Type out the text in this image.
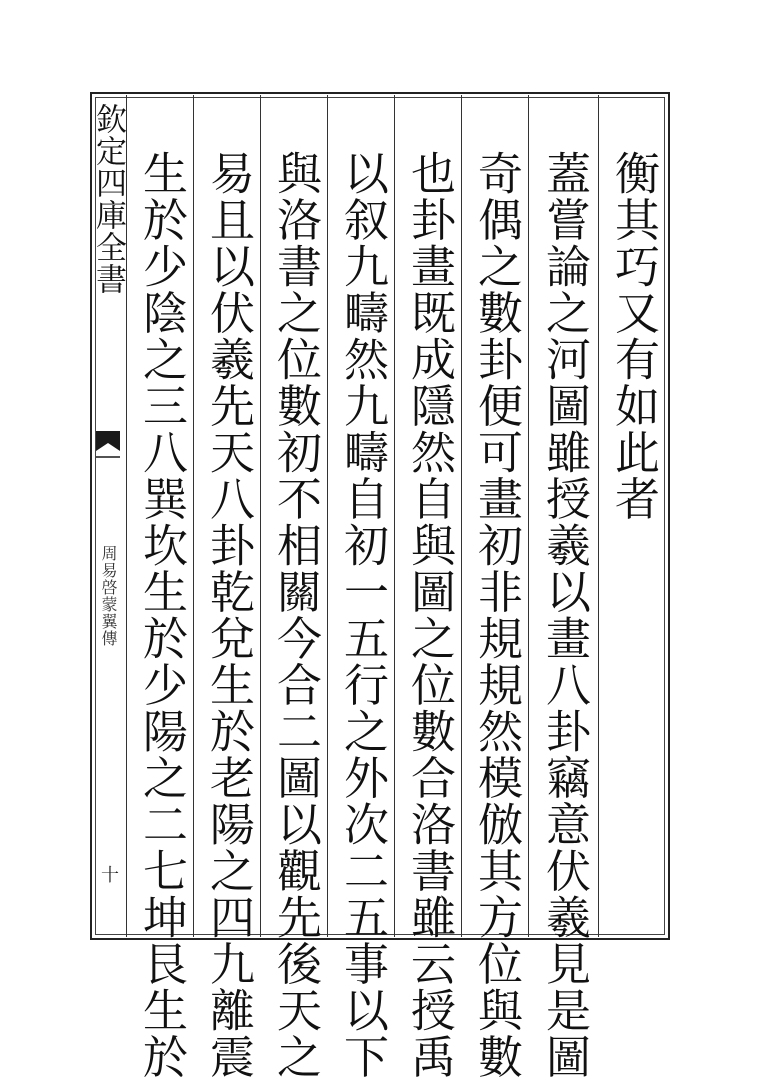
欽定四庫全書
周易啓蒙翼傳
十
衡其巧又有如此者
蓋嘗論之河圖雖授羲以畫八卦竊意伏羲見是圖
奇偶之數卦便可畫初非規規然模倣其方位與數
也卦畫既成隱然自與圖之位數合洛書雖云授禹
以叙九疇然九疇自初一五行之外次二五事以下
與洛書之位數初不相關今合二圖以觀先後天之
易且以伏羲先天八卦乾兌生於老陽之四九離震
生於少陰之三八巽坎生於少陽之二七坤艮生於
